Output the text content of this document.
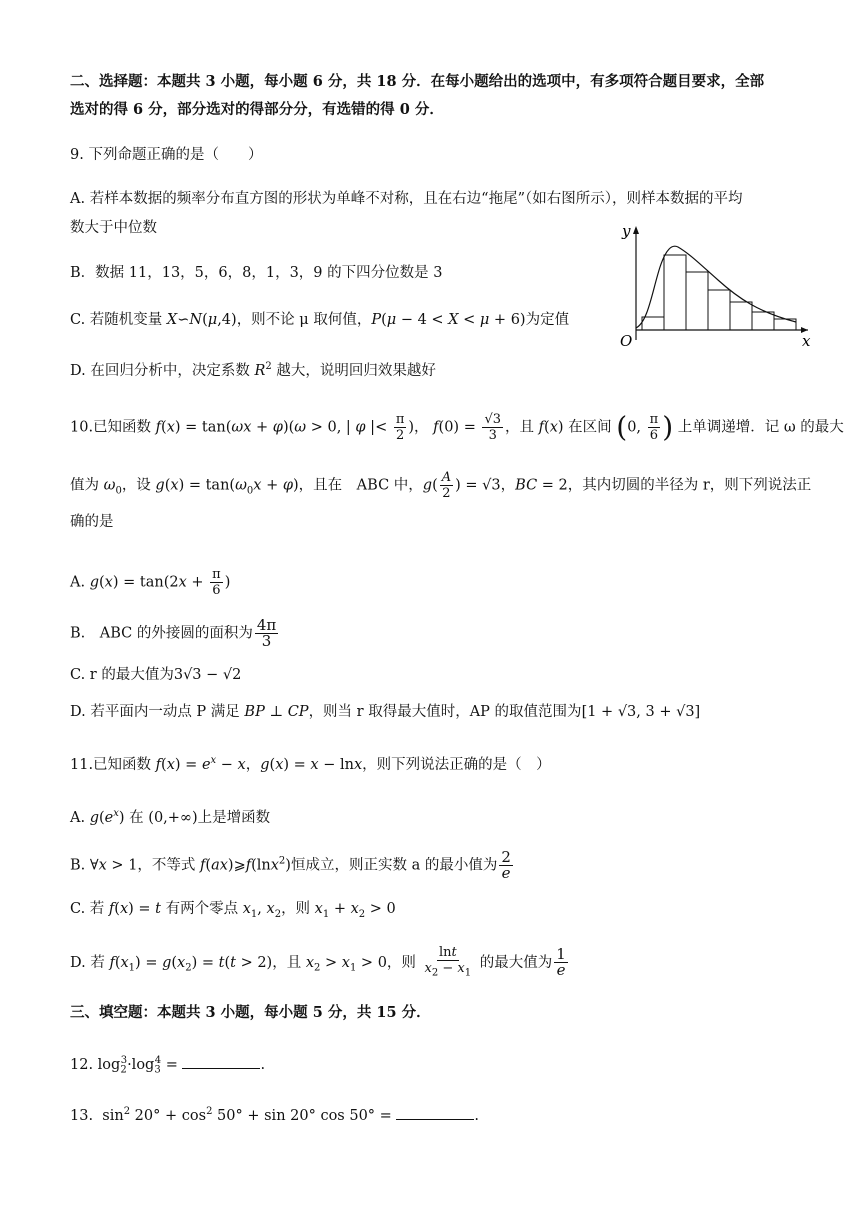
二、选择题：本题共 3 小题，每小题 6 分，共 18 分．在每小题给出的选项中，有多项符合题目要求，全部
选对的得 6 分，部分选对的得部分分，有选错的得 0 分．
9. 下列命题正确的是（　　）
A. 若样本数据的频率分布直方图的形状为单峰不对称，且在右边“拖尾”（如右图所示），则样本数据的平均
数大于中位数
B．数据 11，13，5，6，8，1，3，9 的下四分位数是 3
C. 若随机变量 X∽N(μ,4)，则不论 μ 取何值，P(μ − 4 < X < μ + 6)为定值
D. 在回归分析中，决定系数 $R^2$ 越大，说明回归效果越好
y
x
O
10.已知函数 f(x) = tan(ωx + φ)(ω > 0, | φ |< $\frac{\pi}{2}$ )， $f(0) = \frac{√3}{3}$ ，且 f(x) 在区间 (0, $\frac{\pi}{6}$ ) 上单调递增．记 ω 的最大
值为 $\omega_0$，设 $g(x) = \tan(\omega_0x + \varphi)$，且在　ABC 中，$g( \frac{A}{2}$ ) = √3，BC = 2，其内切圆的半径为 r，则下列说法正
确的是
A. $g(x) = \tan(2x + \frac{\pi}{6}$ )
B.　ABC 的外接圆的面积为 $\frac{4\pi}{3}$
C. r 的最大值为3√3 − √2
D. 若平面内一动点 P 满足 BP ⊥ CP，则当 r 取得最大值时，AP 的取值范围为[1 + √3, 3 + √3]
11.已知函数 $f(x) = e^x - x$，g(x) = x − lnx，则下列说法正确的是（　）
A. $g(e^x)$ 在 (0,+∞)上是增函数
B. ∀x > 1，不等式 f(ax)⩾f(lnx$^2$)恒成立，则正实数 a 的最小值为 $\frac{2}{e}$
C. 若 f(x) = t 有两个零点 $x_1$, $x_2$，则 $x_1 + x_2 > 0$
D. 若 $f(x_1) = g(x_2) = t(t > 2)$，且 $x_2 > x_1 > 0$，则 $\frac{\ln t}{x_2 - x_1}$ 的最大值为 $\frac{1}{e}$
三、填空题：本题共 3 小题，每小题 5 分，共 15 分．
12. $\log_2^3\cdot\log_3^4$ =	.
13.  $\sin^2 20^\circ + \cos^2 50^\circ + \sin 20^\circ$ cos 50° =	.
